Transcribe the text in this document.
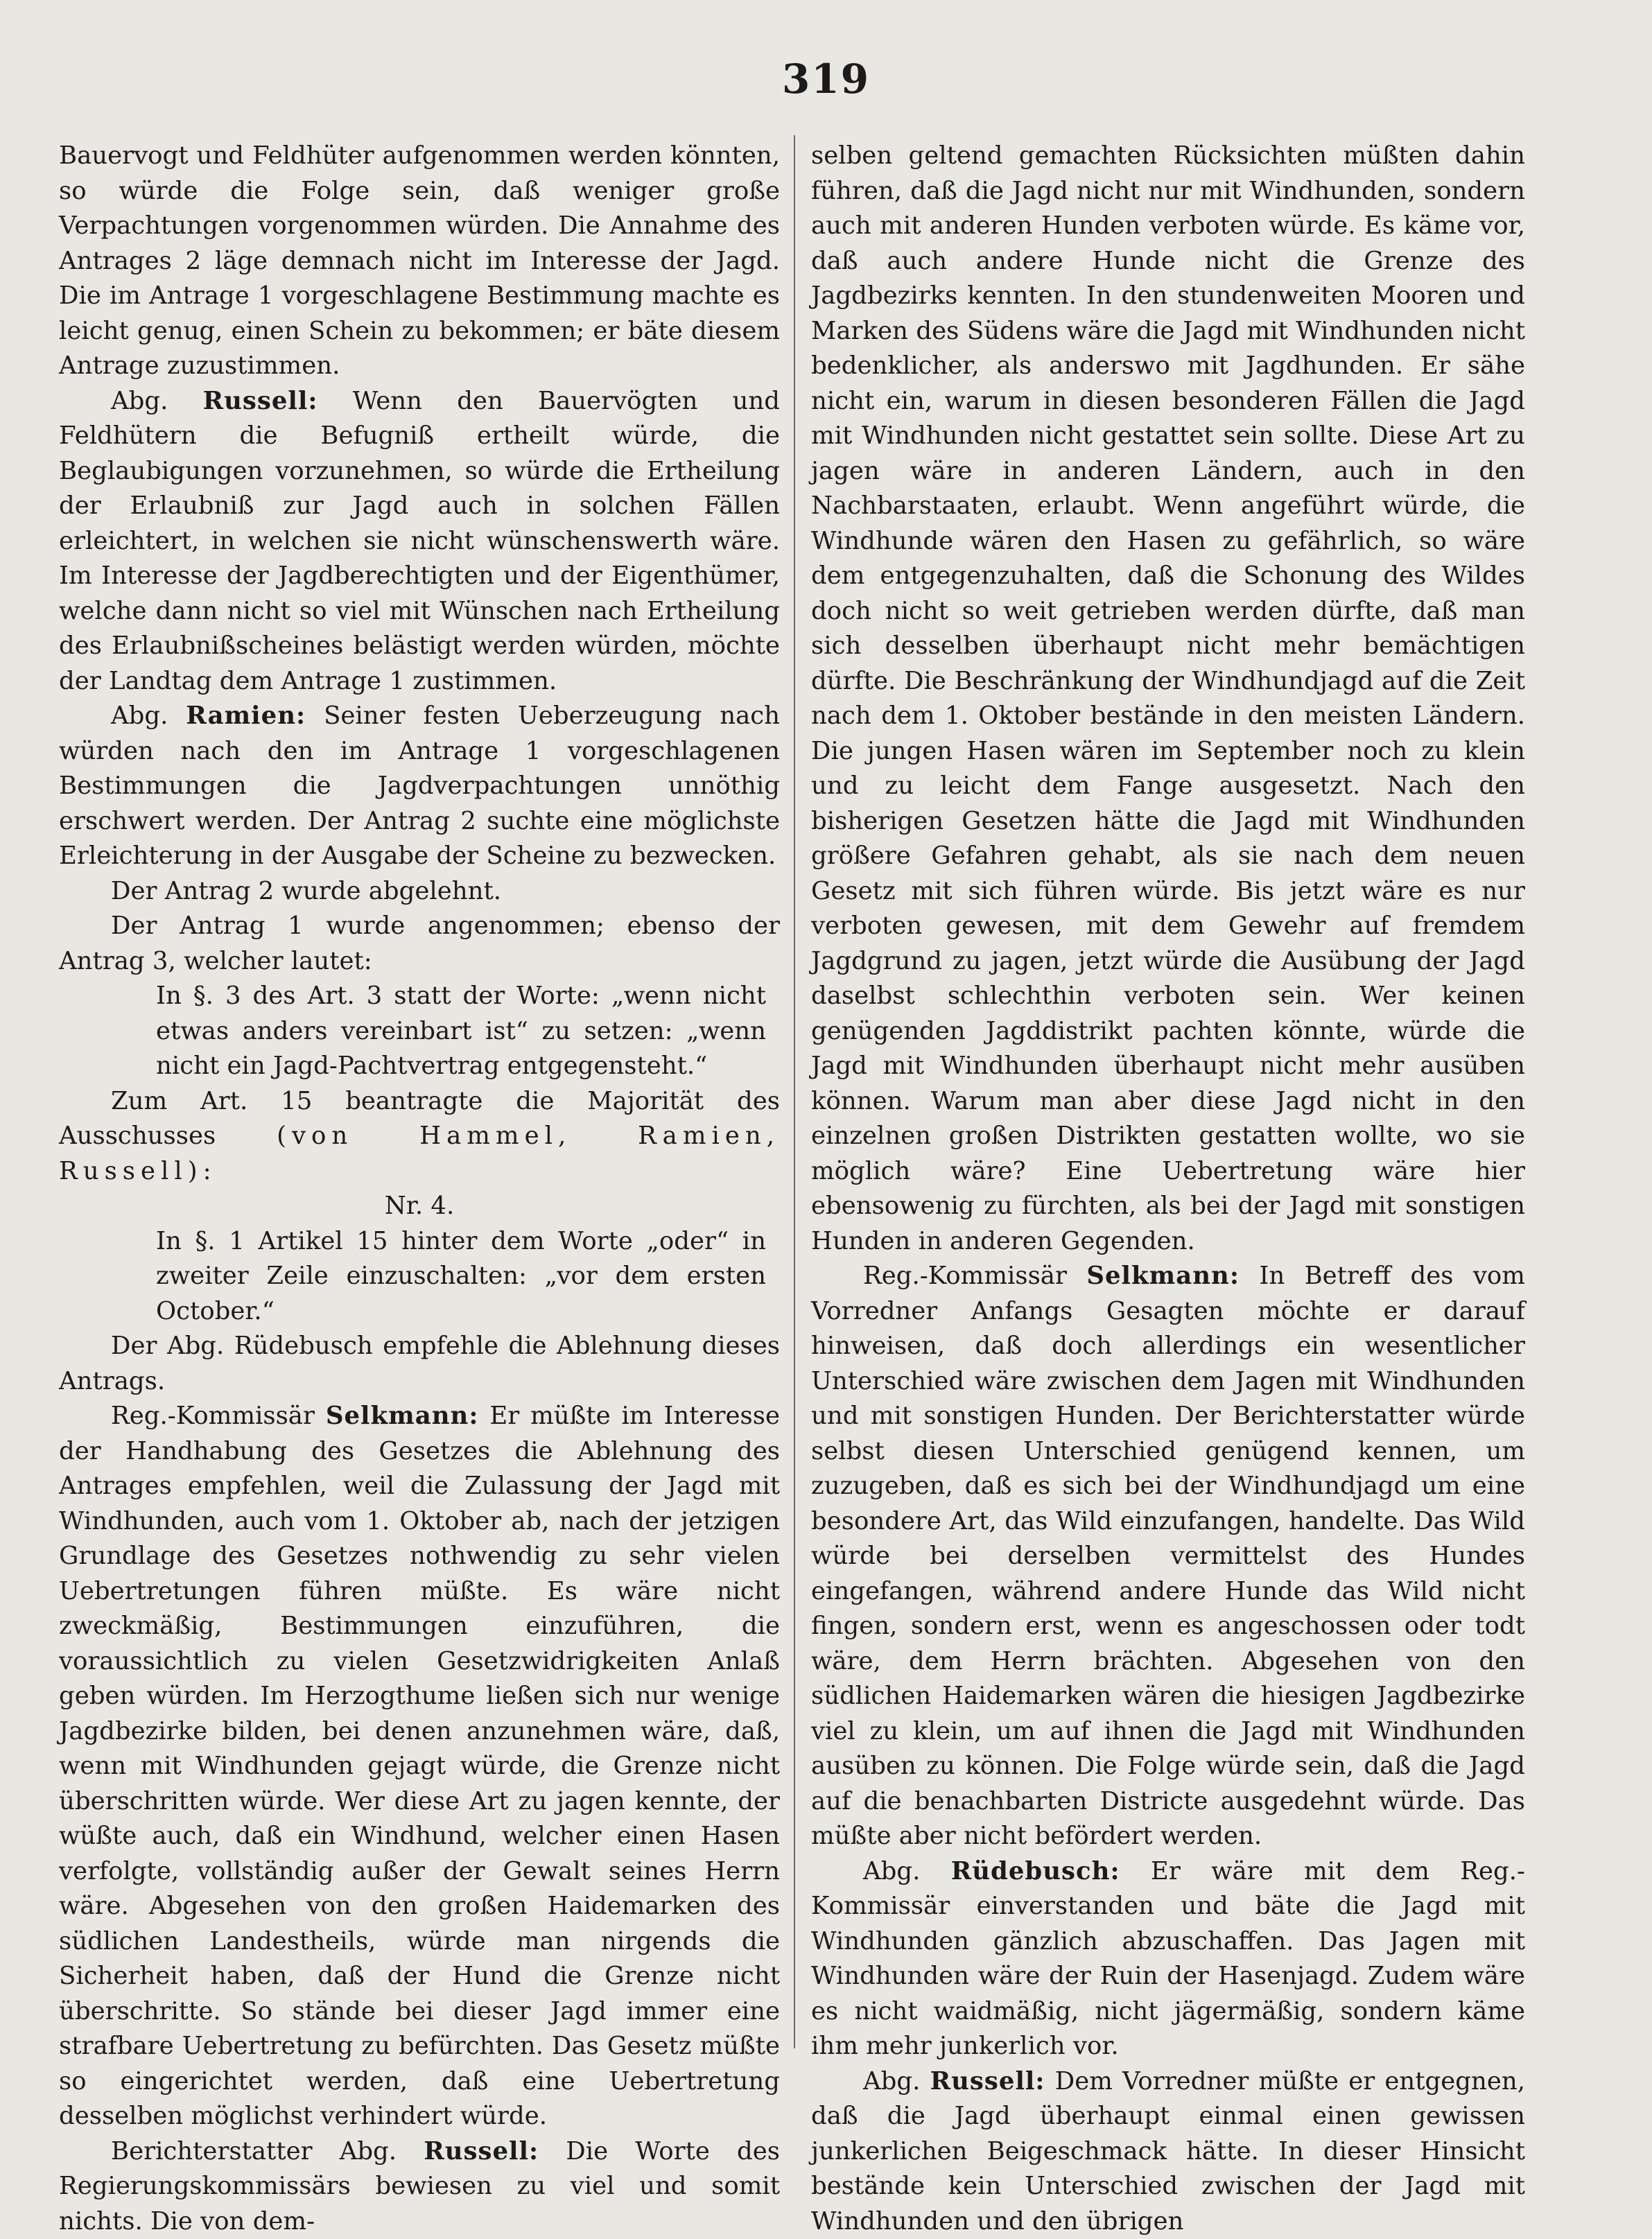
319

Bauervogt und Feldhüter aufgenommen werden könnten, so würde die Folge sein, daß weniger große Verpachtungen vorgenommen würden. Die Annahme des Antrages 2 läge demnach nicht im Interesse der Jagd. Die im Antrage 1 vorgeschlagene Bestimmung machte es leicht genug, einen Schein zu bekommen; er bäte diesem Antrage zuzustimmen.

Abg. Russell: Wenn den Bauervögten und Feldhütern die Befugniß ertheilt würde, die Beglaubigungen vorzunehmen, so würde die Ertheilung der Erlaubniß zur Jagd auch in solchen Fällen erleichtert, in welchen sie nicht wünschenswerth wäre. Im Interesse der Jagdberechtigten und der Eigenthümer, welche dann nicht so viel mit Wünschen nach Ertheilung des Erlaubnißscheines belästigt werden würden, möchte der Landtag dem Antrage 1 zustimmen.

Abg. Ramien: Seiner festen Ueberzeugung nach würden nach den im Antrage 1 vorgeschlagenen Bestimmungen die Jagdverpachtungen unnöthig erschwert werden. Der Antrag 2 suchte eine möglichste Erleichterung in der Ausgabe der Scheine zu bezwecken.

Der Antrag 2 wurde abgelehnt.

Der Antrag 1 wurde angenommen; ebenso der Antrag 3, welcher lautet:

In §. 3 des Art. 3 statt der Worte: „wenn nicht etwas anders vereinbart ist“ zu setzen: „wenn nicht ein Jagd-Pachtvertrag entgegensteht.“

Zum Art. 15 beantragte die Majorität des Ausschusses (von Hammel, Ramien, Russell):

Nr. 4.

In §. 1 Artikel 15 hinter dem Worte „oder“ in zweiter Zeile einzuschalten: „vor dem ersten October.“

Der Abg. Rüdebusch empfehle die Ablehnung dieses Antrags.

Reg.-Kommissär Selkmann: Er müßte im Interesse der Handhabung des Gesetzes die Ablehnung des Antrages empfehlen, weil die Zulassung der Jagd mit Windhunden, auch vom 1. Oktober ab, nach der jetzigen Grundlage des Gesetzes nothwendig zu sehr vielen Uebertretungen führen müßte. Es wäre nicht zweckmäßig, Bestimmungen einzuführen, die voraussichtlich zu vielen Gesetzwidrigkeiten Anlaß geben würden. Im Herzogthume ließen sich nur wenige Jagdbezirke bilden, bei denen anzunehmen wäre, daß, wenn mit Windhunden gejagt würde, die Grenze nicht überschritten würde. Wer diese Art zu jagen kennte, der wüßte auch, daß ein Windhund, welcher einen Hasen verfolgte, vollständig außer der Gewalt seines Herrn wäre. Abgesehen von den großen Haidemarken des südlichen Landestheils, würde man nirgends die Sicherheit haben, daß der Hund die Grenze nicht überschritte. So stände bei dieser Jagd immer eine strafbare Uebertretung zu befürchten. Das Gesetz müßte so eingerichtet werden, daß eine Uebertretung desselben möglichst verhindert würde.

Berichterstatter Abg. Russell: Die Worte des Regierungskommissärs bewiesen zu viel und somit nichts. Die von dem-

selben geltend gemachten Rücksichten müßten dahin führen, daß die Jagd nicht nur mit Windhunden, sondern auch mit anderen Hunden verboten würde. Es käme vor, daß auch andere Hunde nicht die Grenze des Jagdbezirks kennten. In den stundenweiten Mooren und Marken des Südens wäre die Jagd mit Windhunden nicht bedenklicher, als anderswo mit Jagdhunden. Er sähe nicht ein, warum in diesen besonderen Fällen die Jagd mit Windhunden nicht gestattet sein sollte. Diese Art zu jagen wäre in anderen Ländern, auch in den Nachbarstaaten, erlaubt. Wenn angeführt würde, die Windhunde wären den Hasen zu gefährlich, so wäre dem entgegenzuhalten, daß die Schonung des Wildes doch nicht so weit getrieben werden dürfte, daß man sich desselben überhaupt nicht mehr bemächtigen dürfte. Die Beschränkung der Windhundjagd auf die Zeit nach dem 1. Oktober bestände in den meisten Ländern. Die jungen Hasen wären im September noch zu klein und zu leicht dem Fange ausgesetzt. Nach den bisherigen Gesetzen hätte die Jagd mit Windhunden größere Gefahren gehabt, als sie nach dem neuen Gesetz mit sich führen würde. Bis jetzt wäre es nur verboten gewesen, mit dem Gewehr auf fremdem Jagdgrund zu jagen, jetzt würde die Ausübung der Jagd daselbst schlechthin verboten sein. Wer keinen genügenden Jagddistrikt pachten könnte, würde die Jagd mit Windhunden überhaupt nicht mehr ausüben können. Warum man aber diese Jagd nicht in den einzelnen großen Distrikten gestatten wollte, wo sie möglich wäre? Eine Uebertretung wäre hier ebensowenig zu fürchten, als bei der Jagd mit sonstigen Hunden in anderen Gegenden.

Reg.-Kommissär Selkmann: In Betreff des vom Vorredner Anfangs Gesagten möchte er darauf hinweisen, daß doch allerdings ein wesentlicher Unterschied wäre zwischen dem Jagen mit Windhunden und mit sonstigen Hunden. Der Berichterstatter würde selbst diesen Unterschied genügend kennen, um zuzugeben, daß es sich bei der Windhundjagd um eine besondere Art, das Wild einzufangen, handelte. Das Wild würde bei derselben vermittelst des Hundes eingefangen, während andere Hunde das Wild nicht fingen, sondern erst, wenn es angeschossen oder todt wäre, dem Herrn brächten. Abgesehen von den südlichen Haidemarken wären die hiesigen Jagdbezirke viel zu klein, um auf ihnen die Jagd mit Windhunden ausüben zu können. Die Folge würde sein, daß die Jagd auf die benachbarten Districte ausgedehnt würde. Das müßte aber nicht befördert werden.

Abg. Rüdebusch: Er wäre mit dem Reg.-Kommissär einverstanden und bäte die Jagd mit Windhunden gänzlich abzuschaffen. Das Jagen mit Windhunden wäre der Ruin der Hasenjagd. Zudem wäre es nicht waidmäßig, nicht jägermäßig, sondern käme ihm mehr junkerlich vor.

Abg. Russell: Dem Vorredner müßte er entgegnen, daß die Jagd überhaupt einmal einen gewissen junkerlichen Beigeschmack hätte. In dieser Hinsicht bestände kein Unterschied zwischen der Jagd mit Windhunden und den übrigen
